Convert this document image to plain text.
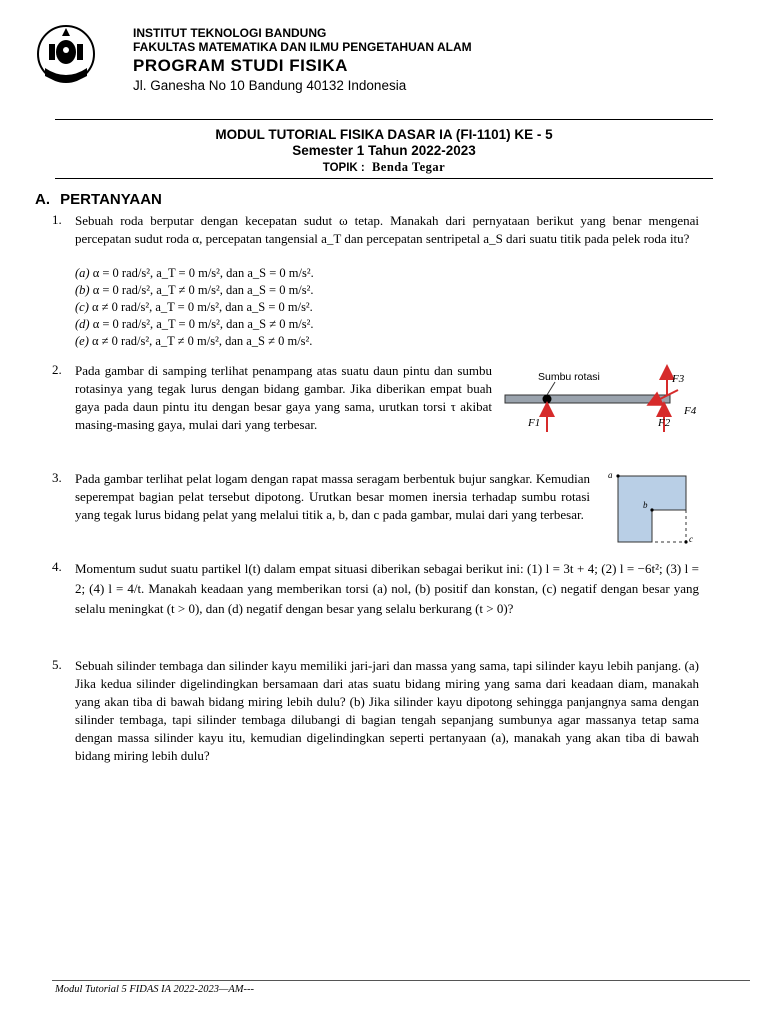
INSTITUT TEKNOLOGI BANDUNG
FAKULTAS MATEMATIKA DAN ILMU PENGETAHUAN ALAM
PROGRAM STUDI FISIKA
Jl. Ganesha No 10 Bandung 40132 Indonesia
MODUL TUTORIAL FISIKA DASAR IA (FI-1101) KE - 5
Semester 1 Tahun 2022-2023
TOPIK : Benda Tegar
A. PERTANYAAN
1. Sebuah roda berputar dengan kecepatan sudut ω tetap. Manakah dari pernyataan berikut yang benar mengenai percepatan sudut roda α, percepatan tangensial a_T dan percepatan sentripetal a_S dari suatu titik pada pelek roda itu?
(a) α = 0 rad/s², a_T = 0 m/s², dan a_S = 0 m/s².
(b) α = 0 rad/s², a_T ≠ 0 m/s², dan a_S = 0 m/s².
(c) α ≠ 0 rad/s², a_T = 0 m/s², dan a_S = 0 m/s².
(d) α = 0 rad/s², a_T = 0 m/s², dan a_S ≠ 0 m/s².
(e) α ≠ 0 rad/s², a_T ≠ 0 m/s², dan a_S ≠ 0 m/s².
2. Pada gambar di samping terlihat penampang atas suatu daun pintu dan sumbu rotasinya yang tegak lurus dengan bidang gambar. Jika diberikan empat buah gaya pada daun pintu itu dengan besar gaya yang sama, urutkan torsi τ akibat masing-masing gaya, mulai dari yang terbesar.
Sumbu rotasi
F1	F2
F3
F4
3. Pada gambar terlihat pelat logam dengan rapat massa seragam berbentuk bujur sangkar. Kemudian seperempat bagian pelat tersebut dipotong. Urutkan besar momen inersia terhadap sumbu rotasi yang tegak lurus bidang pelat yang melalui titik a, b, dan c pada gambar, mulai dari yang terbesar.
a
b
c
4. Momentum sudut suatu partikel l(t) dalam empat situasi diberikan sebagai berikut ini: (1) l = 3t + 4; (2) l = −6t²; (3) l = 2; (4) l = 4/t. Manakah keadaan yang memberikan torsi (a) nol, (b) positif dan konstan, (c) negatif dengan besar yang selalu meningkat (t > 0), dan (d) negatif dengan besar yang selalu berkurang (t > 0)?
5. Sebuah silinder tembaga dan silinder kayu memiliki jari-jari dan massa yang sama, tapi silinder kayu lebih panjang. (a) Jika kedua silinder digelindingkan bersamaan dari atas suatu bidang miring yang sama dari keadaan diam, manakah yang akan tiba di bawah bidang miring lebih dulu? (b) Jika silinder kayu dipotong sehingga panjangnya sama dengan silinder tembaga, tapi silinder tembaga dilubangi di bagian tengah sepanjang sumbunya agar massanya tetap sama dengan massa silinder kayu itu, kemudian digelindingkan seperti pertanyaan (a), manakah yang akan tiba di bawah bidang miring lebih dulu?
Modul Tutorial 5 FIDAS IA 2022-2023—AM---
